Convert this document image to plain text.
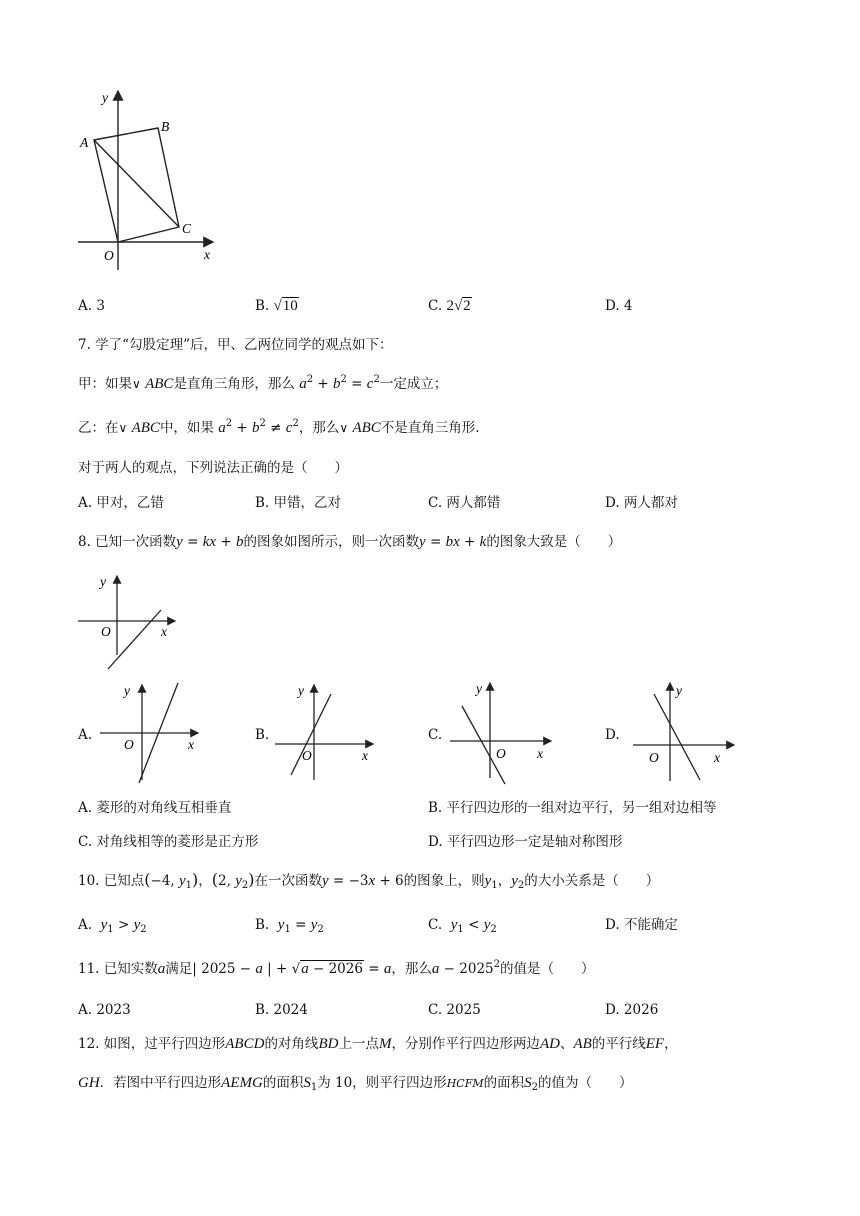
y
A
B
C
O	x
A. 3	B. √10	C. 2√2	D. 4
7. 学了“勾股定理”后，甲、乙两位同学的观点如下：
甲：如果∨ ABC是直角三角形，那么 $a^2 + b^2 = c^2$一定成立；
乙：在∨ ABC中，如果 $a^2 + b^2 \ne c^2$，那么∨ ABC不是直角三角形.
对于两人的观点，下列说法正确的是（　　）
A. 甲对，乙错	B. 甲错，乙对	C. 两人都错	D. 两人都对
8. 已知一次函数y = kx + b的图象如图所示，则一次函数y = bx + k的图象大致是（　　）
y
O	x
A.
y
O	x
B.
y
O	x
C.
y
O x
D.
y
O	x
A. 菱形的对角线互相垂直	B. 平行四边形的一组对边平行，另一组对边相等
C. 对角线相等的菱形是正方形	D. 平行四边形一定是轴对称图形
10. 已知点(−4, $y_1$)，(2, $y_2$)在一次函数y = −3x + 6的图象上，则$y_1$，$y_2$的大小关系是（　　）
A.  $y_1 > y_2$	B.  $y_1 = y_2$	C.  $y_1 < y_2$	D. 不能确定
11. 已知实数a满足| 2025 − a | + √a − 2026 = a，那么$a - 2025^2$的值是（　　）
A. 2023	B. 2024	C. 2025	D. 2026
12. 如图，过平行四边形ABCD的对角线BD上一点M，分别作平行四边形两边AD、AB的平行线EF，
GH．若图中平行四边形AEMG的面积$S_1$为 10，则平行四边形HCFM的面积$S_2$的值为（　　）
